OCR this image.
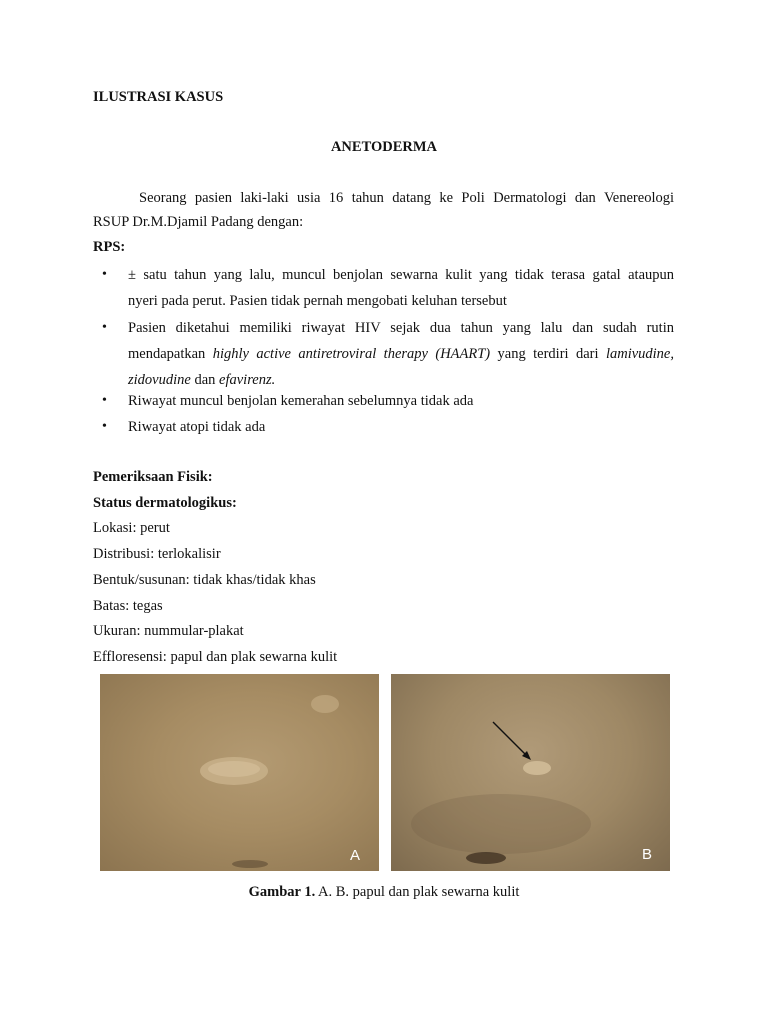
ILUSTRASI KASUS
ANETODERMA
Seorang pasien laki-laki usia 16 tahun datang ke Poli Dermatologi dan Venereologi
RSUP Dr.M.Djamil Padang dengan:
RPS:
• ± satu tahun yang lalu, muncul benjolan sewarna kulit yang tidak terasa gatal ataupun
nyeri pada perut. Pasien tidak pernah mengobati keluhan tersebut
• Pasien diketahui memiliki riwayat HIV sejak dua tahun yang lalu dan sudah rutin
mendapatkan highly active antiretroviral therapy (HAART) yang terdiri dari lamivudine,
zidovudine dan efavirenz.
• Riwayat muncul benjolan kemerahan sebelumnya tidak ada
• Riwayat atopi tidak ada
Pemeriksaan Fisik:
Status dermatologikus:
Lokasi: perut
Distribusi: terlokalisir
Bentuk/susunan: tidak khas/tidak khas
Batas: tegas
Ukuran: nummular-plakat
Effloresensi: papul dan plak sewarna kulit
A	B
Gambar 1. A. B. papul dan plak sewarna kulit
